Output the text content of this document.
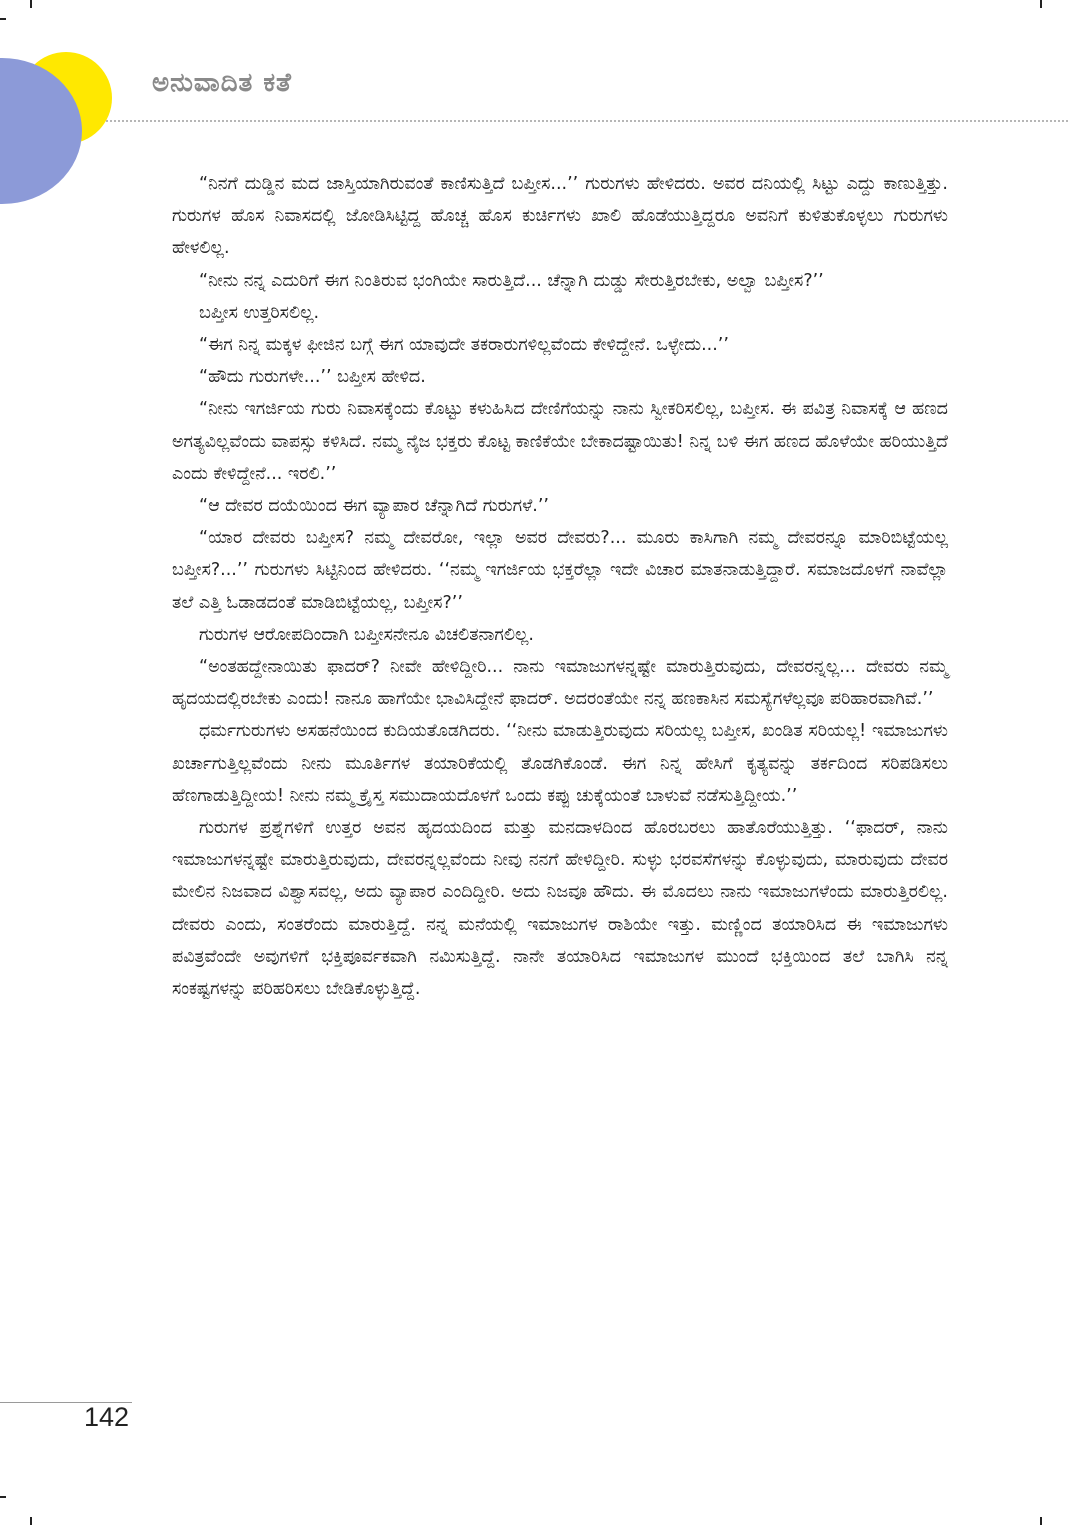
ಅನುವಾದಿತ ಕತೆ

“ನಿನಗೆ ದುಡ್ಡಿನ ಮದ ಜಾಸ್ತಿಯಾಗಿರುವಂತೆ ಕಾಣಿಸುತ್ತಿದೆ ಬಪ್ತೀಸ...’’ ಗುರುಗಳು ಹೇಳಿದರು. ಅವರ ದನಿಯಲ್ಲಿ ಸಿಟ್ಟು ಎದ್ದು ಕಾಣುತ್ತಿತ್ತು. ಗುರುಗಳ ಹೊಸ ನಿವಾಸದಲ್ಲಿ ಜೋಡಿಸಿಟ್ಟಿದ್ದ ಹೊಚ್ಚ ಹೊಸ ಕುರ್ಚಿಗಳು ಖಾಲಿ ಹೊಡೆಯುತ್ತಿದ್ದರೂ ಅವನಿಗೆ ಕುಳಿತುಕೊಳ್ಳಲು ಗುರುಗಳು ಹೇಳಲಿಲ್ಲ.

“ನೀನು ನನ್ನ ಎದುರಿಗೆ ಈಗ ನಿಂತಿರುವ ಭಂಗಿಯೇ ಸಾರುತ್ತಿದೆ... ಚೆನ್ನಾಗಿ ದುಡ್ಡು ಸೇರುತ್ತಿರಬೇಕು, ಅಲ್ವಾ ಬಪ್ತೀಸ?’’

ಬಪ್ತೀಸ ಉತ್ತರಿಸಲಿಲ್ಲ.

“ಈಗ ನಿನ್ನ ಮಕ್ಕಳ ಫೀಜಿನ ಬಗ್ಗೆ ಈಗ ಯಾವುದೇ ತಕರಾರುಗಳಿಲ್ಲವೆಂದು ಕೇಳಿದ್ದೇನೆ. ಒಳ್ಳೇದು...’’

“ಹೌದು ಗುರುಗಳೇ...’’ ಬಪ್ತೀಸ ಹೇಳಿದ.

“ನೀನು ಇಗರ್ಜಿಯ ಗುರು ನಿವಾಸಕ್ಕೆಂದು ಕೊಟ್ಟು ಕಳುಹಿಸಿದ ದೇಣಿಗೆಯನ್ನು ನಾನು ಸ್ವೀಕರಿಸಲಿಲ್ಲ, ಬಪ್ತೀಸ. ಈ ಪವಿತ್ರ ನಿವಾಸಕ್ಕೆ ಆ ಹಣದ ಅಗತ್ಯವಿಲ್ಲವೆಂದು ವಾಪಸ್ಸು ಕಳಿಸಿದೆ. ನಮ್ಮ ನೈಜ ಭಕ್ತರು ಕೊಟ್ಟ ಕಾಣಿಕೆಯೇ ಬೇಕಾದಷ್ಟಾಯಿತು! ನಿನ್ನ ಬಳಿ ಈಗ ಹಣದ ಹೊಳೆಯೇ ಹರಿಯುತ್ತಿದೆ ಎಂದು ಕೇಳಿದ್ದೇನೆ... ಇರಲಿ.’’

“ಆ ದೇವರ ದಯೆಯಿಂದ ಈಗ ವ್ಯಾಪಾರ ಚೆನ್ನಾಗಿದೆ ಗುರುಗಳೆ.’’

“ಯಾರ ದೇವರು ಬಪ್ತೀಸ? ನಮ್ಮ ದೇವರೋ, ಇಲ್ಲಾ ಅವರ ದೇವರು?... ಮೂರು ಕಾಸಿಗಾಗಿ ನಮ್ಮ ದೇವರನ್ನೂ ಮಾರಿಬಿಟ್ಟೆಯಲ್ಲ ಬಪ್ತೀಸ?...’’ ಗುರುಗಳು ಸಿಟ್ಟಿನಿಂದ ಹೇಳಿದರು. ‘‘ನಮ್ಮ ಇಗರ್ಜಿಯ ಭಕ್ತರೆಲ್ಲಾ ಇದೇ ವಿಚಾರ ಮಾತನಾಡುತ್ತಿದ್ದಾರೆ. ಸಮಾಜದೊಳಗೆ ನಾವೆಲ್ಲಾ ತಲೆ ಎತ್ತಿ ಓಡಾಡದಂತೆ ಮಾಡಿಬಿಟ್ಟೆಯಲ್ಲ, ಬಪ್ತೀಸ?’’

ಗುರುಗಳ ಆರೋಪದಿಂದಾಗಿ ಬಪ್ತೀಸನೇನೂ ವಿಚಲಿತನಾಗಲಿಲ್ಲ.

“ಅಂತಹದ್ದೇನಾಯಿತು ಫಾದರ್? ನೀವೇ ಹೇಳಿದ್ದೀರಿ... ನಾನು ಇಮಾಜುಗಳನ್ನಷ್ಟೇ ಮಾರುತ್ತಿರುವುದು, ದೇವರನ್ನಲ್ಲ... ದೇವರು ನಮ್ಮ ಹೃದಯದಲ್ಲಿರಬೇಕು ಎಂದು! ನಾನೂ ಹಾಗೆಯೇ ಭಾವಿಸಿದ್ದೇನೆ ಫಾದರ್. ಅದರಂತೆಯೇ ನನ್ನ ಹಣಕಾಸಿನ ಸಮಸ್ಯೆಗಳೆಲ್ಲವೂ ಪರಿಹಾರವಾಗಿವೆ.’’

ಧರ್ಮಗುರುಗಳು ಅಸಹನೆಯಿಂದ ಕುದಿಯತೊಡಗಿದರು. ‘‘ನೀನು ಮಾಡುತ್ತಿರುವುದು ಸರಿಯಲ್ಲ ಬಪ್ತೀಸ, ಖಂಡಿತ ಸರಿಯಲ್ಲ! ಇಮಾಜುಗಳು ಖರ್ಚಾಗುತ್ತಿಲ್ಲವೆಂದು ನೀನು ಮೂರ್ತಿಗಳ ತಯಾರಿಕೆಯಲ್ಲಿ ತೊಡಗಿಕೊಂಡೆ. ಈಗ ನಿನ್ನ ಹೇಸಿಗೆ ಕೃತ್ಯವನ್ನು ತರ್ಕದಿಂದ ಸರಿಪಡಿಸಲು ಹೆಣಗಾಡುತ್ತಿದ್ದೀಯ! ನೀನು ನಮ್ಮ ಕ್ರೈಸ್ತ ಸಮುದಾಯದೊಳಗೆ ಒಂದು ಕಪ್ಪು ಚುಕ್ಕೆಯಂತೆ ಬಾಳುವೆ ನಡೆಸುತ್ತಿದ್ದೀಯ.’’

ಗುರುಗಳ ಪ್ರಶ್ನೆಗಳಿಗೆ ಉತ್ತರ ಅವನ ಹೃದಯದಿಂದ ಮತ್ತು ಮನದಾಳದಿಂದ ಹೊರಬರಲು ಹಾತೊರೆಯುತ್ತಿತ್ತು. ‘‘ಫಾದರ್, ನಾನು ಇಮಾಜುಗಳನ್ನಷ್ಟೇ ಮಾರುತ್ತಿರುವುದು, ದೇವರನ್ನಲ್ಲವೆಂದು ನೀವು ನನಗೆ ಹೇಳಿದ್ದೀರಿ. ಸುಳ್ಳು ಭರವಸೆಗಳನ್ನು ಕೊಳ್ಳುವುದು, ಮಾರುವುದು ದೇವರ ಮೇಲಿನ ನಿಜವಾದ ವಿಶ್ವಾಸವಲ್ಲ, ಅದು ವ್ಯಾಪಾರ ಎಂದಿದ್ದೀರಿ. ಅದು ನಿಜವೂ ಹೌದು. ಈ ಮೊದಲು ನಾನು ಇಮಾಜುಗಳೆಂದು ಮಾರುತ್ತಿರಲಿಲ್ಲ. ದೇವರು ಎಂದು, ಸಂತರೆಂದು ಮಾರುತ್ತಿದ್ದೆ. ನನ್ನ ಮನೆಯಲ್ಲಿ ಇಮಾಜುಗಳ ರಾಶಿಯೇ ಇತ್ತು. ಮಣ್ಣಿಂದ ತಯಾರಿಸಿದ ಈ ಇಮಾಜುಗಳು ಪವಿತ್ರವೆಂದೇ ಅವುಗಳಿಗೆ ಭಕ್ತಿಪೂರ್ವಕವಾಗಿ ನಮಿಸುತ್ತಿದ್ದೆ. ನಾನೇ ತಯಾರಿಸಿದ ಇಮಾಜುಗಳ ಮುಂದೆ ಭಕ್ತಿಯಿಂದ ತಲೆ ಬಾಗಿಸಿ ನನ್ನ ಸಂಕಷ್ಟಗಳನ್ನು ಪರಿಹರಿಸಲು ಬೇಡಿಕೊಳ್ಳುತ್ತಿದ್ದೆ.

142
